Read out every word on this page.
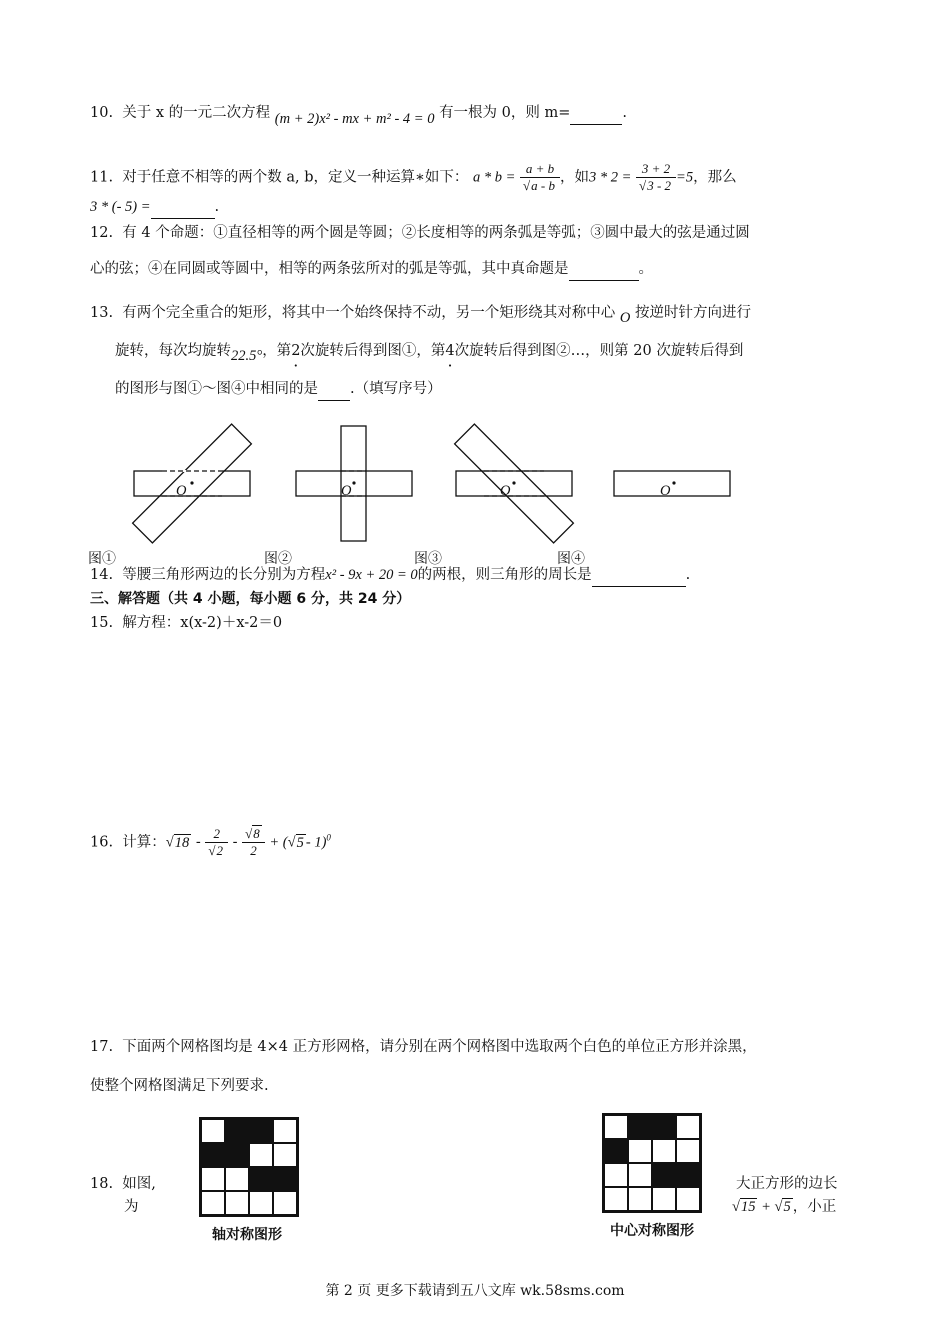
10. 关于 x 的一元二次方程 (m + 2)x² - mx + m² - 4 = 0 有一根为 0，则 m=	.
11. 对于任意不相等的两个数 a, b，定义一种运算∗如下： $a * b = \frac{a + b}{√a - b}$ ，如$3 * 2 = \frac{3 + 2}{√3 - 2} =5$，那么
3 * (- 5) =	.
12. 有 4 个命题：①直径相等的两个圆是等圆；②长度相等的两条弧是等弧；③圆中最大的弦是通过圆
心的弦；④在同圆或等圆中，相等的两条弦所对的弧是等弧，其中真命题是	。
13. 有两个完全重合的矩形，将其中一个始终保持不动，另一个矩形绕其对称中心 O 按逆时针方向进行
旋转，每次均旋转22.5°，第2 ·次旋转后得到图①，第4 ·次旋转后得到图②…，则第 20 次旋转后得到
的图形与图①～图④中相同的是 .（填写序号）
O	O	O	O
图①	图②	图③	图④
14. 等腰三角形两边的长分别为方程x² - 9x + 20 = 0的两根，则三角形的周长是	.
三、解答题（共 4 小题，每小题 6 分，共 24 分）
15. 解方程：x(x-2)＋x-2＝0
16. 计算：$√18 - \frac{2}{√2} - \frac{√8}{2} + (√5 - 1)^0$
17. 下面两个网格图均是 4×4 正方形网格，请分别在两个网格图中选取两个白色的单位正方形并涂黑，
使整个网格图满足下列要求.
轴对称图形	中心对称图形
18. 如图,
为
大正方形的边长
√15 + √5 ，小正
第 2 页 更多下载请到五八文库 wk.58sms.com
